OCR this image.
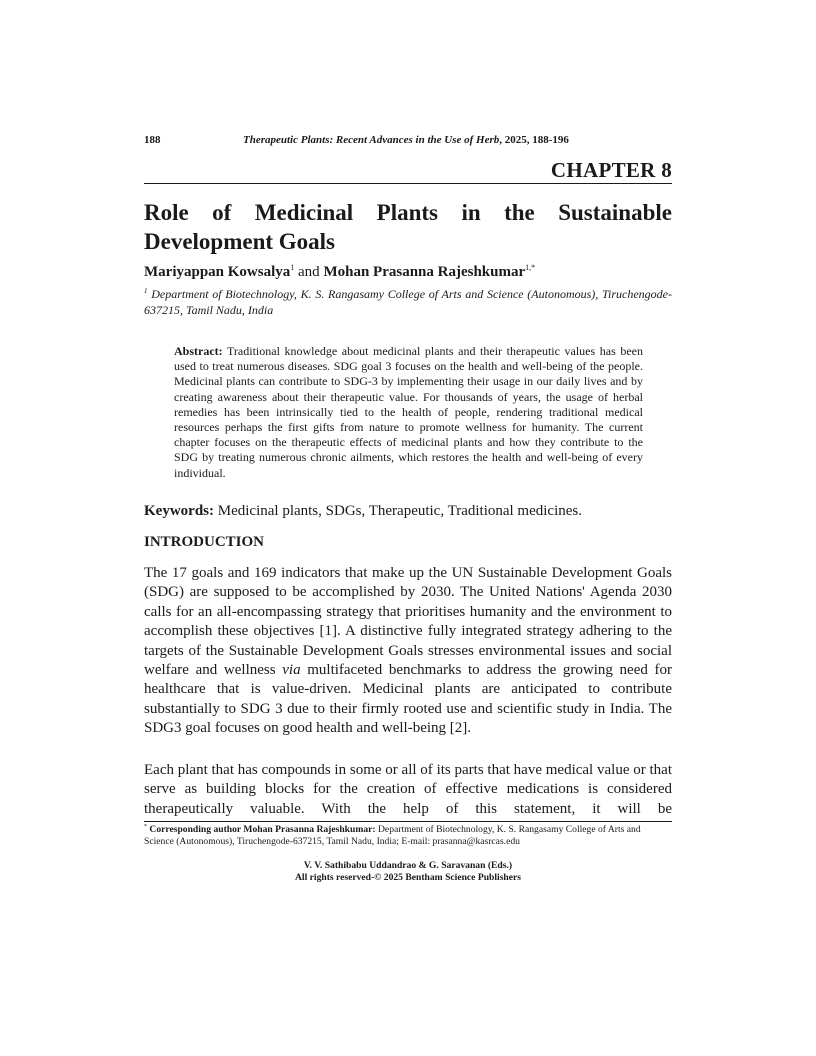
188	Therapeutic Plants: Recent Advances in the Use of Herb, 2025, 188-196
CHAPTER 8
Role of Medicinal Plants in the Sustainable
Development Goals
Mariyappan Kowsalya$^1$ and Mohan Prasanna Rajeshkumar$^{1,*}$
$^1$ Department of Biotechnology, K. S. Rangasamy College of Arts and Science (Autonomous), Tiruchengode-637215, Tamil Nadu, India
Abstract: Traditional knowledge about medicinal plants and their therapeutic values has been used to treat numerous diseases. SDG goal 3 focuses on the health and well-being of the people. Medicinal plants can contribute to SDG-3 by implementing their usage in our daily lives and by creating awareness about their therapeutic value. For thousands of years, the usage of herbal remedies has been intrinsically tied to the health of people, rendering traditional medical resources perhaps the first gifts from nature to promote wellness for humanity. The current chapter focuses on the therapeutic effects of medicinal plants and how they contribute to the SDG by treating numerous chronic ailments, which restores the health and well-being of every individual.
Keywords: Medicinal plants, SDGs, Therapeutic, Traditional medicines.
INTRODUCTION
The 17 goals and 169 indicators that make up the UN Sustainable Development Goals (SDG) are supposed to be accomplished by 2030. The United Nations' Agenda 2030 calls for an all-encompassing strategy that prioritises humanity and the environment to accomplish these objectives [1]. A distinctive fully integrated strategy adhering to the targets of the Sustainable Development Goals stresses environmental issues and social welfare and wellness via multifaceted benchmarks to address the growing need for healthcare that is value-driven. Medicinal plants are anticipated to contribute substantially to SDG 3 due to their firmly rooted use and scientific study in India. The SDG3 goal focuses on good health and well-being [2].
Each plant that has compounds in some or all of its parts that have medical value or that serve as building blocks for the creation of effective medications is considered therapeutically valuable. With the help of this statement, it will be
* Corresponding author Mohan Prasanna Rajeshkumar: Department of Biotechnology, K. S. Rangasamy College of Arts and Science (Autonomous), Tiruchengode-637215, Tamil Nadu, India; E-mail: prasanna@kasrcas.edu
V. V. Sathibabu Uddandrao & G. Saravanan (Eds.)
All rights reserved-© 2025 Bentham Science Publishers
